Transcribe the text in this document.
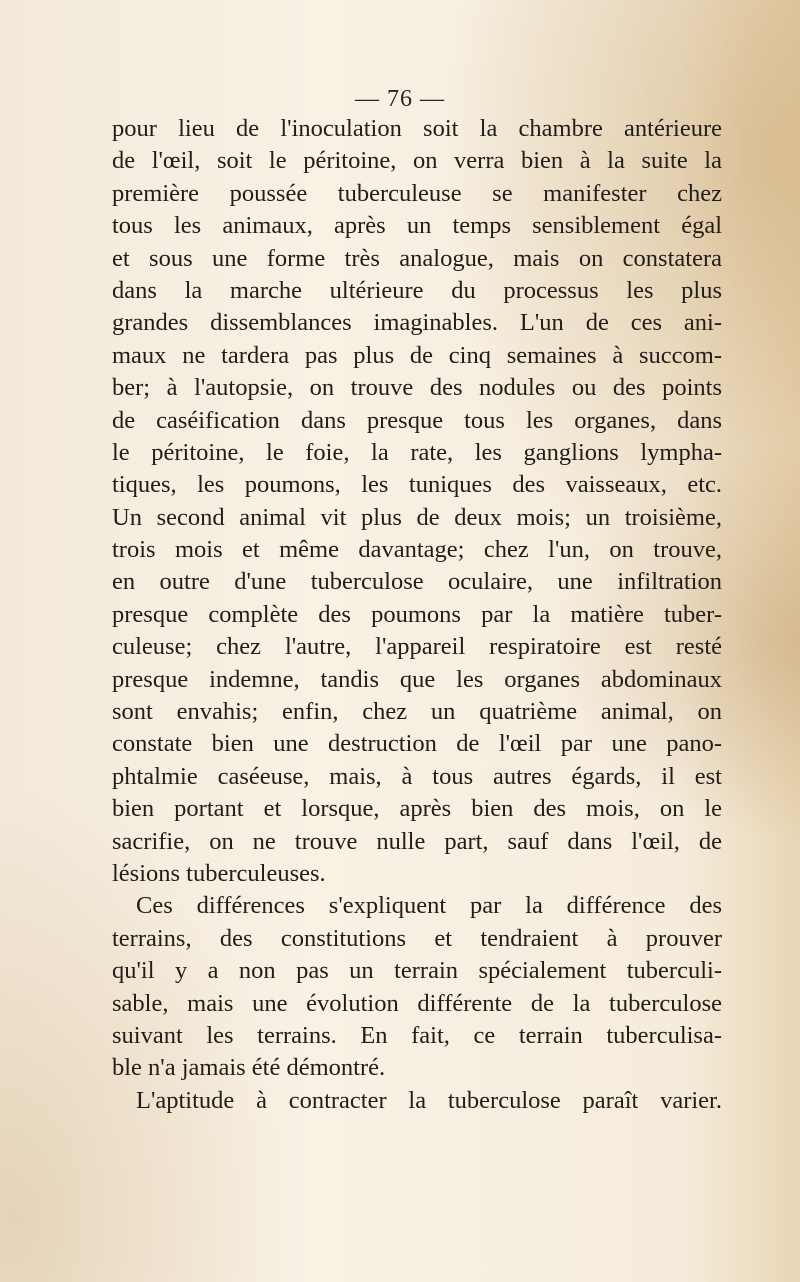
— 76 —
pour lieu de l'inoculation soit la chambre antérieure
de l'œil, soit le péritoine, on verra bien à la suite la
première poussée tuberculeuse se manifester chez
tous les animaux, après un temps sensiblement égal
et sous une forme très analogue, mais on constatera
dans la marche ultérieure du processus les plus
grandes dissemblances imaginables. L'un de ces ani-
maux ne tardera pas plus de cinq semaines à succom-
ber; à l'autopsie, on trouve des nodules ou des points
de caséification dans presque tous les organes, dans
le péritoine, le foie, la rate, les ganglions lympha-
tiques, les poumons, les tuniques des vaisseaux, etc.
Un second animal vit plus de deux mois; un troisième,
trois mois et même davantage; chez l'un, on trouve,
en outre d'une tuberculose oculaire, une infiltration
presque complète des poumons par la matière tuber-
culeuse; chez l'autre, l'appareil respiratoire est resté
presque indemne, tandis que les organes abdominaux
sont envahis; enfin, chez un quatrième animal, on
constate bien une destruction de l'œil par une pano-
phtalmie caséeuse, mais, à tous autres égards, il est
bien portant et lorsque, après bien des mois, on le
sacrifie, on ne trouve nulle part, sauf dans l'œil, de
lésions tuberculeuses.
Ces différences s'expliquent par la différence des
terrains, des constitutions et tendraient à prouver
qu'il y a non pas un terrain spécialement tuberculi-
sable, mais une évolution différente de la tuberculose
suivant les terrains. En fait, ce terrain tuberculisa-
ble n'a jamais été démontré.
L'aptitude à contracter la tuberculose paraît varier.
